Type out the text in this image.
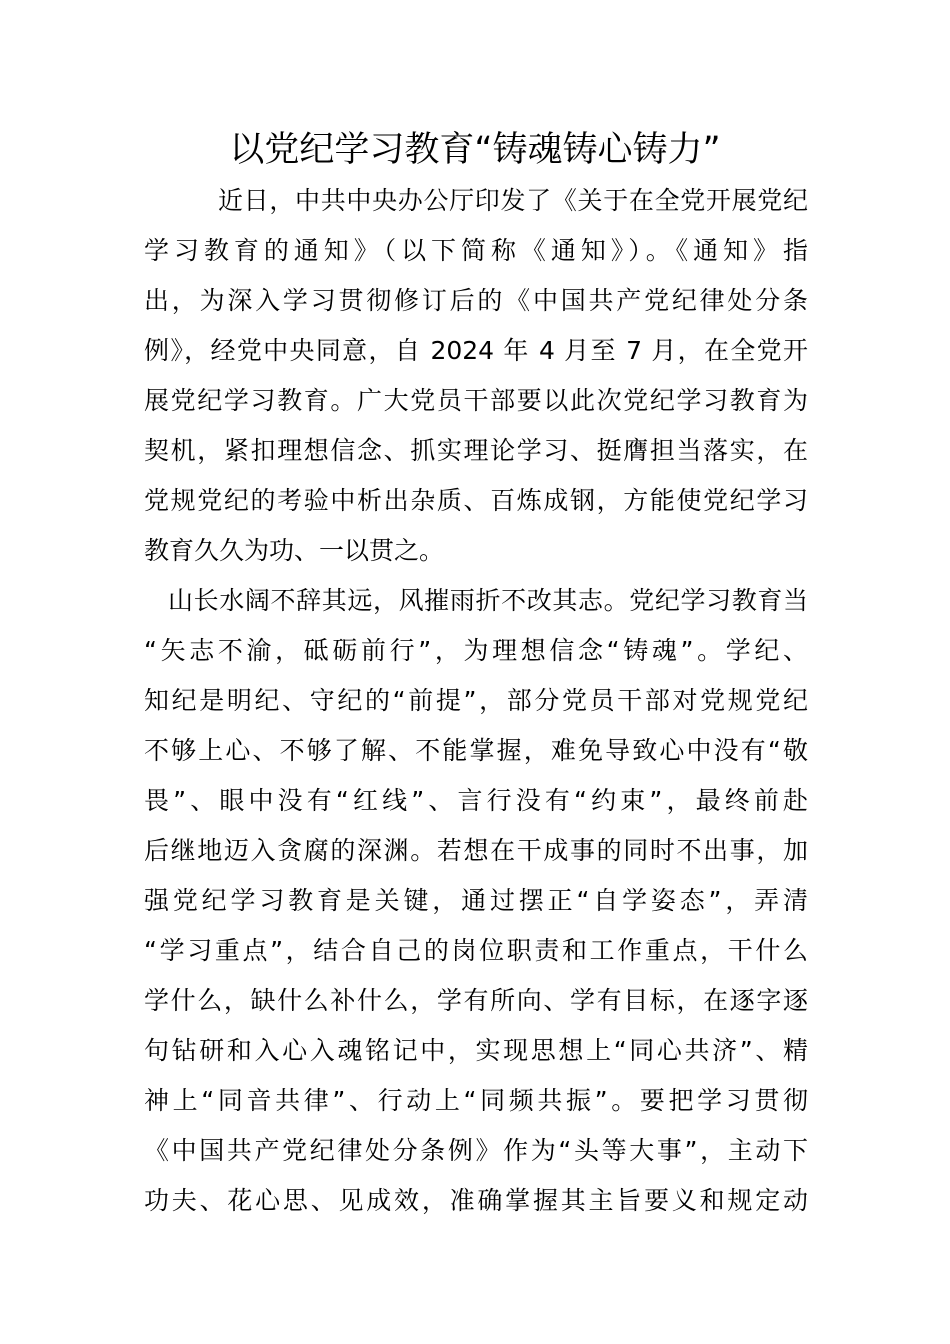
以党纪学习教育“铸魂铸心铸力”
近日，中共中央办公厅印发了《关于在全党开展党纪
学习教育的通知》（以下简称《通知》）。《通知》指
出，为深入学习贯彻修订后的《中国共产党纪律处分条
例》，经党中央同意，自 2024 年 4 月至 7 月，在全党开
展党纪学习教育。广大党员干部要以此次党纪学习教育为
契机，紧扣理想信念、抓实理论学习、挺膺担当落实，在
党规党纪的考验中析出杂质、百炼成钢，方能使党纪学习
教育久久为功、一以贯之。
山长水阔不辞其远，风摧雨折不改其志。党纪学习教育当
“矢志不渝，砥砺前行”，为理想信念“铸魂”。学纪、
知纪是明纪、守纪的“前提”，部分党员干部对党规党纪
不够上心、不够了解、不能掌握，难免导致心中没有“敬
畏”、眼中没有“红线”、言行没有“约束”，最终前赴
后继地迈入贪腐的深渊。若想在干成事的同时不出事，加
强党纪学习教育是关键，通过摆正“自学姿态”，弄清
“学习重点”，结合自己的岗位职责和工作重点，干什么
学什么，缺什么补什么，学有所向、学有目标，在逐字逐
句钻研和入心入魂铭记中，实现思想上“同心共济”、精
神上“同音共律”、行动上“同频共振”。要把学习贯彻
《中国共产党纪律处分条例》作为“头等大事”，主动下
功夫、花心思、见成效，准确掌握其主旨要义和规定动
